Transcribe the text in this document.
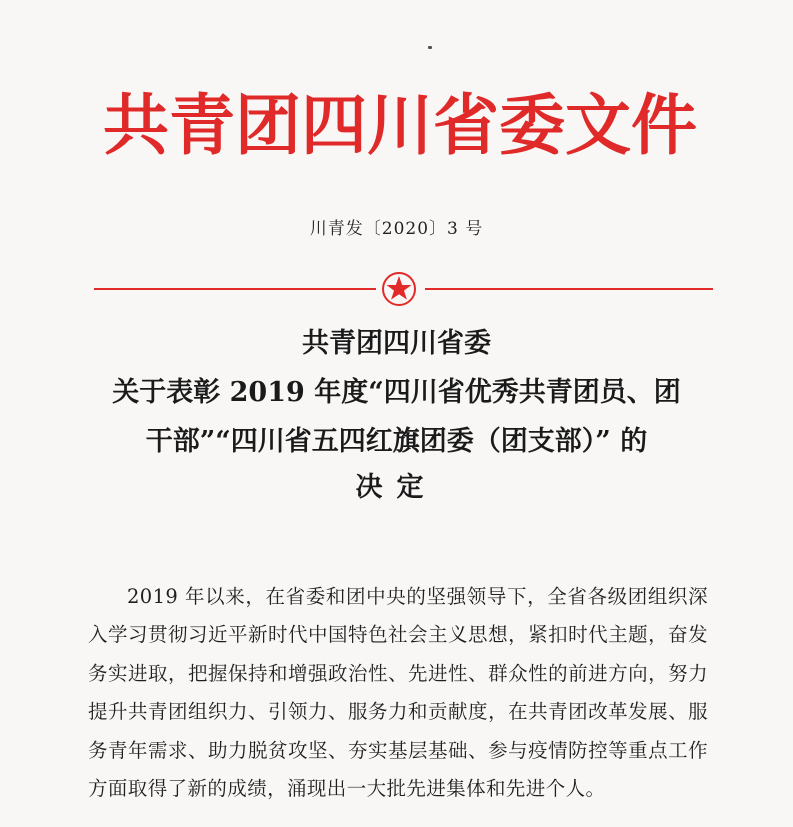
共青团四川省委文件
川青发〔2020〕3 号
共青团四川省委
关于表彰 2019 年度“四川省优秀共青团员、团
干部”“四川省五四红旗团委（团支部）” 的
决定

2019 年以来，在省委和团中央的坚强领导下，全省各级团组织深入学习贯彻习近平新时代中国特色社会主义思想，紧扣时代主题，奋发务实进取，把握保持和增强政治性、先进性、群众性的前进方向，努力提升共青团组织力、引领力、服务力和贡献度，在共青团改革发展、服务青年需求、助力脱贫攻坚、夯实基层基础、参与疫情防控等重点工作方面取得了新的成绩，涌现出一大批先进集体和先进个人。
